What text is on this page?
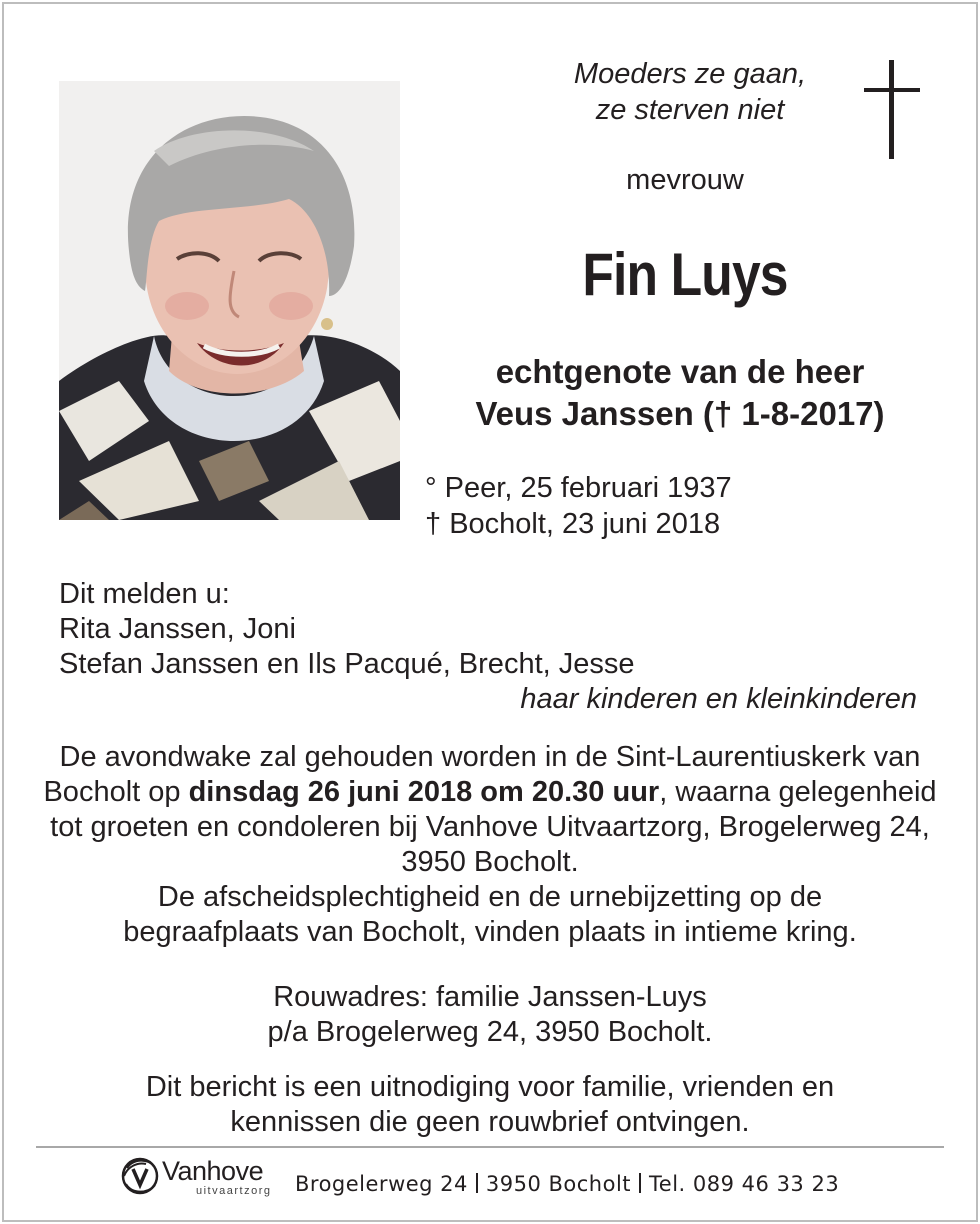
Moeders ze gaan,
ze sterven niet
mevrouw
Fin Luys
echtgenote van de heer
Veus Janssen († 1-8-2017)
° Peer, 25 februari 1937
† Bocholt, 23 juni 2018
Dit melden u:
Rita Janssen, Joni
Stefan Janssen en Ils Pacqué, Brecht, Jesse
haar kinderen en kleinkinderen
De avondwake zal gehouden worden in de Sint-Laurentiuskerk van Bocholt op dinsdag 26 juni 2018 om 20.30 uur, waarna gelegenheid tot groeten en condoleren bij Vanhove Uitvaartzorg, Brogelerweg 24, 3950 Bocholt.
De afscheidsplechtigheid en de urnebijzetting op de begraafplaats van Bocholt, vinden plaats in intieme kring.
Rouwadres: familie Janssen-Luys
p/a Brogelerweg 24, 3950 Bocholt.
Dit bericht is een uitnodiging voor familie, vrienden en
kennissen die geen rouwbrief ontvingen.
Vanhove
uitvaartzorg Brogelerweg 24 3950 Bocholt Tel. 089 46 33 23
